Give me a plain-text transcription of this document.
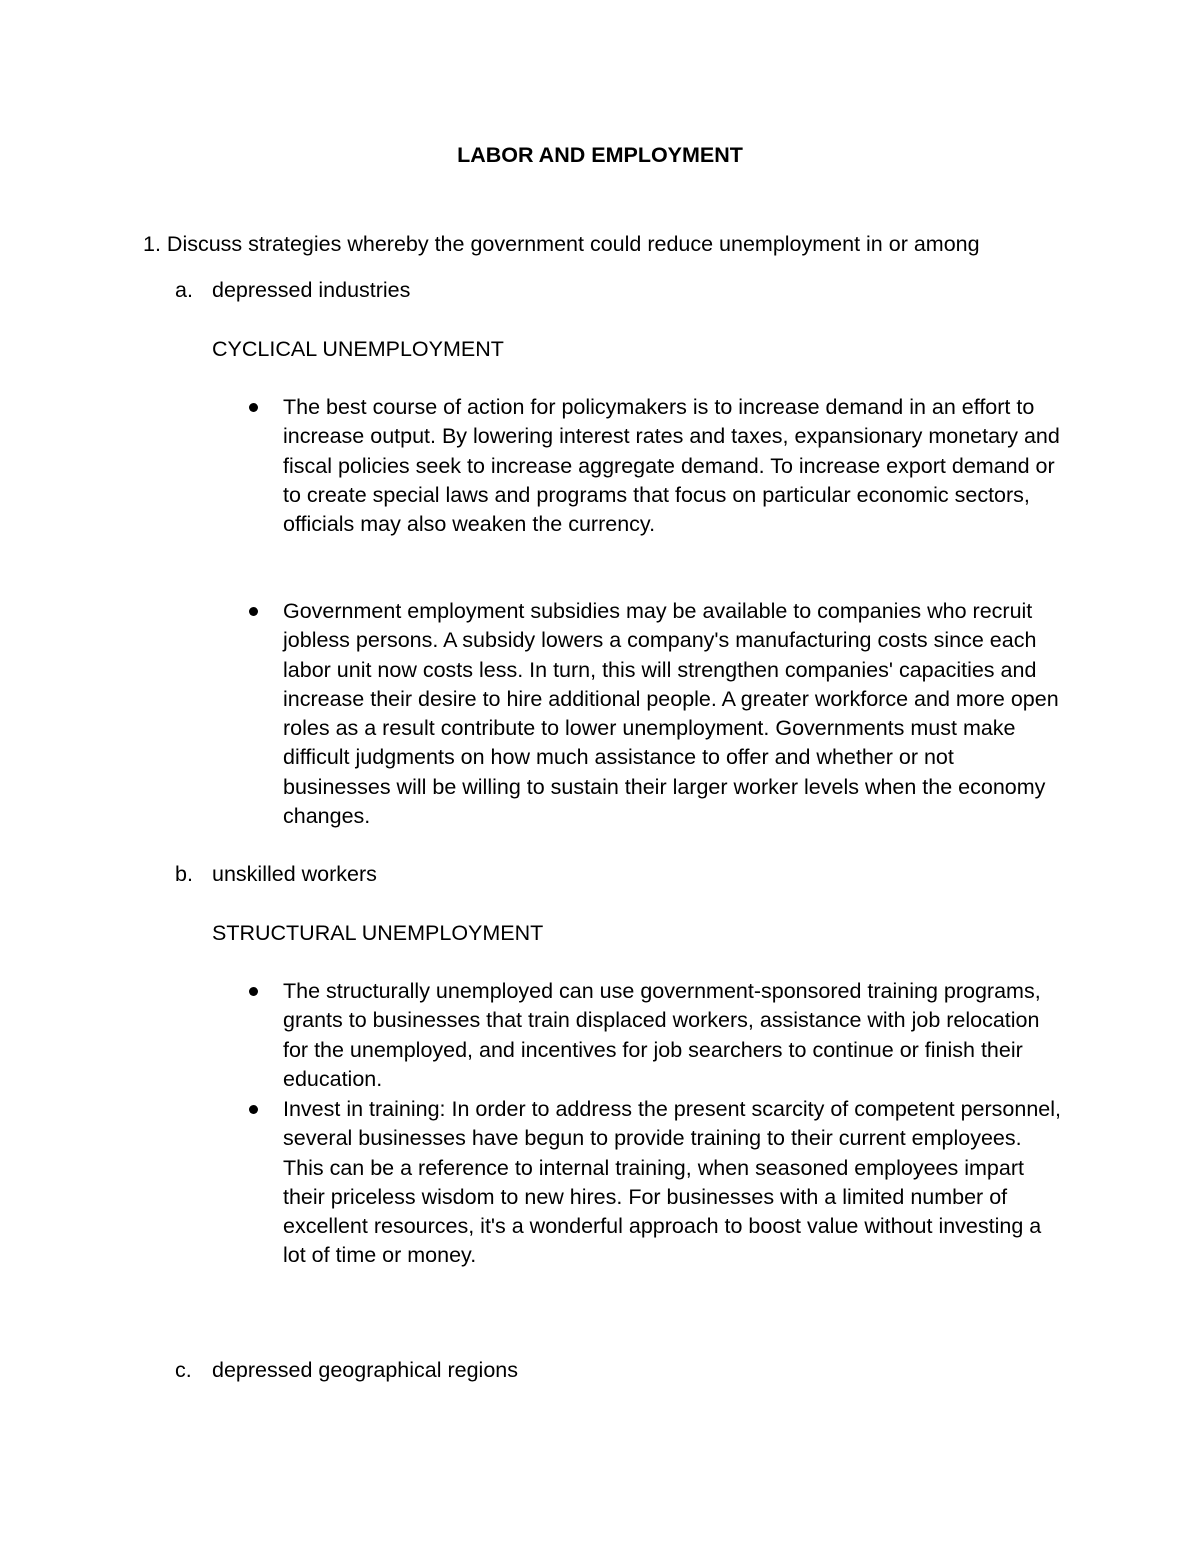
LABOR AND EMPLOYMENT
1. Discuss strategies whereby the government could reduce unemployment in or among
a. depressed industries
CYCLICAL UNEMPLOYMENT
The best course of action for policymakers is to increase demand in an effort to increase output. By lowering interest rates and taxes, expansionary monetary and fiscal policies seek to increase aggregate demand. To increase export demand or to create special laws and programs that focus on particular economic sectors, officials may also weaken the currency.
Government employment subsidies may be available to companies who recruit jobless persons. A subsidy lowers a company's manufacturing costs since each labor unit now costs less. In turn, this will strengthen companies' capacities and increase their desire to hire additional people. A greater workforce and more open roles as a result contribute to lower unemployment. Governments must make difficult judgments on how much assistance to offer and whether or not businesses will be willing to sustain their larger worker levels when the economy changes.
b. unskilled workers
STRUCTURAL UNEMPLOYMENT
The structurally unemployed can use government-sponsored training programs, grants to businesses that train displaced workers, assistance with job relocation for the unemployed, and incentives for job searchers to continue or finish their education.
Invest in training: In order to address the present scarcity of competent personnel, several businesses have begun to provide training to their current employees. This can be a reference to internal training, when seasoned employees impart their priceless wisdom to new hires. For businesses with a limited number of excellent resources, it's a wonderful approach to boost value without investing a lot of time or money.
c. depressed geographical regions
